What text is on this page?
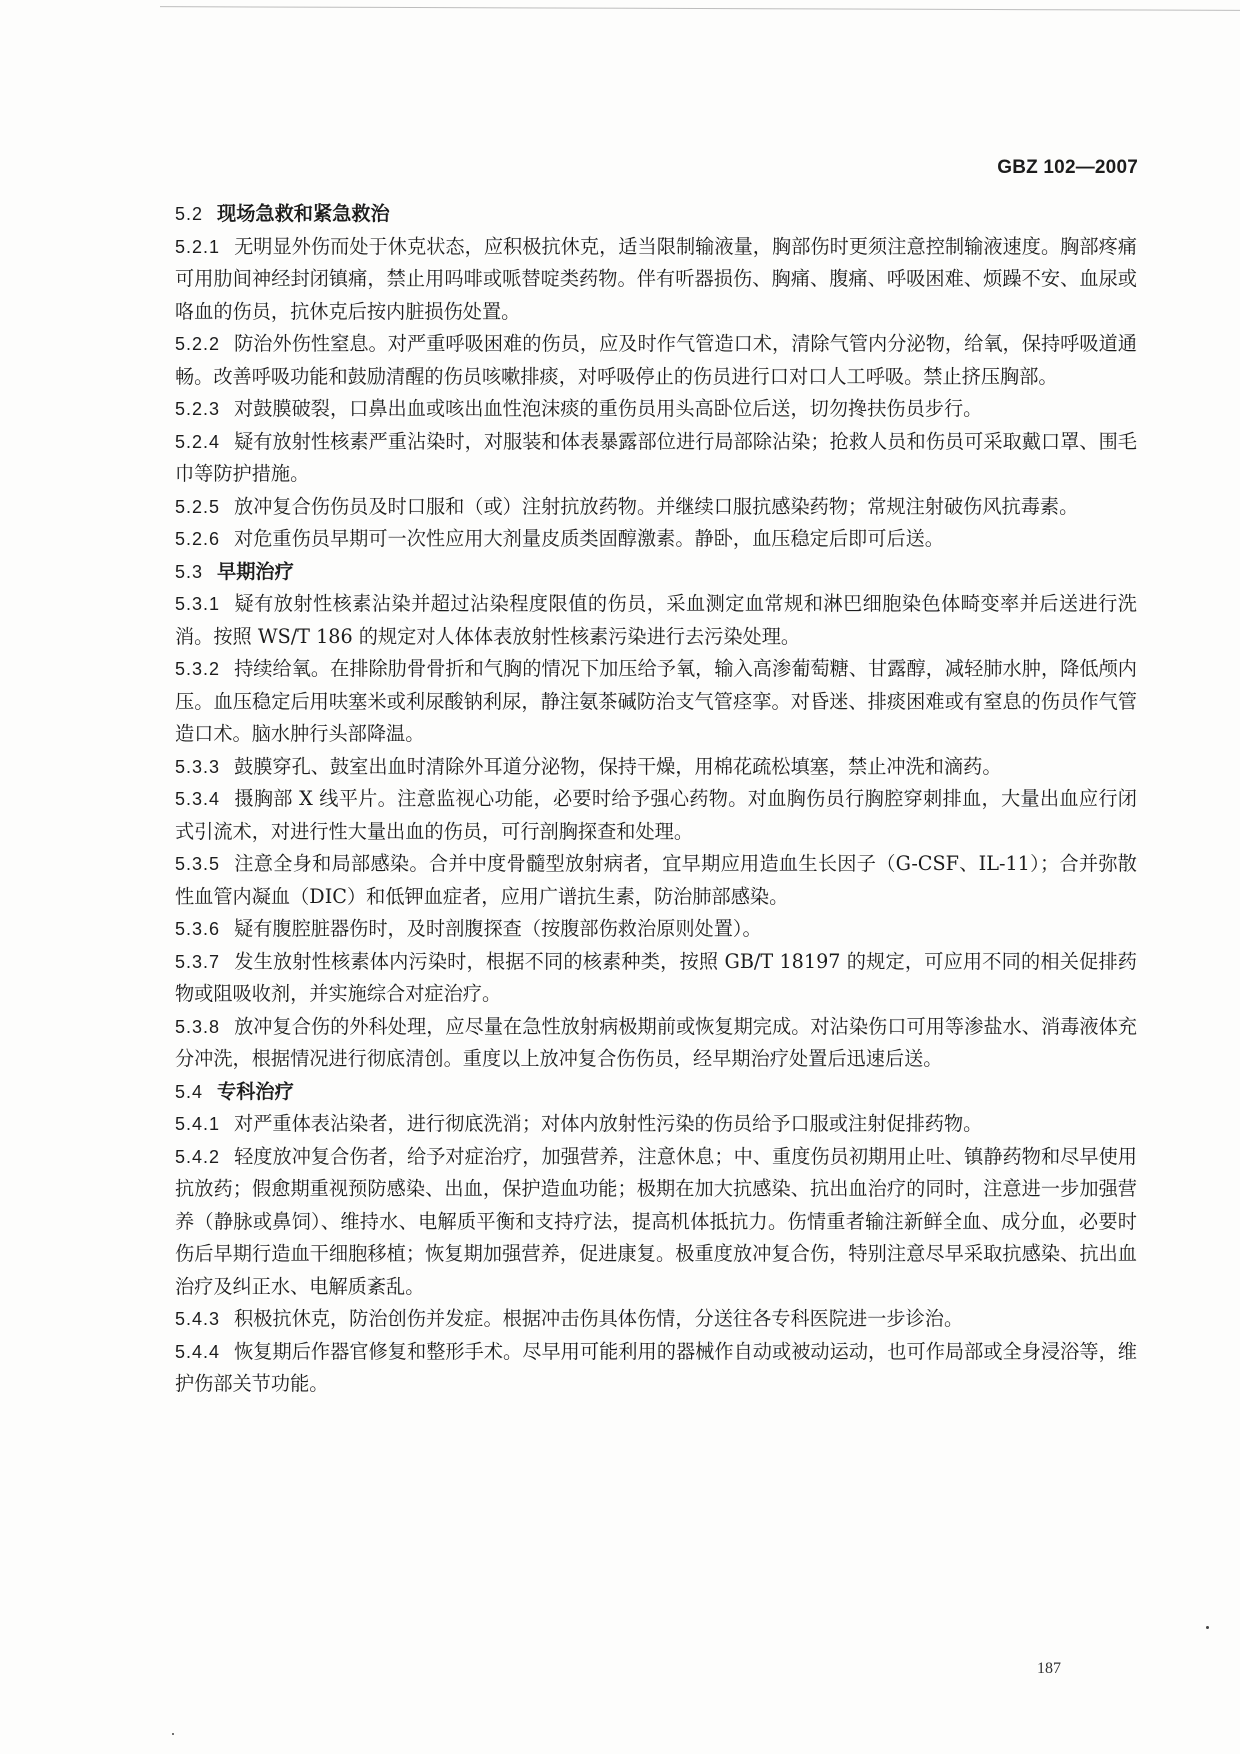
GBZ 102—2007

5.2 现场急救和紧急救治

5.2.1 无明显外伤而处于休克状态，应积极抗休克，适当限制输液量，胸部伤时更须注意控制输液速度。胸部疼痛可用肋间神经封闭镇痛，禁止用吗啡或哌替啶类药物。伴有听器损伤、胸痛、腹痛、呼吸困难、烦躁不安、血尿或咯血的伤员，抗休克后按内脏损伤处置。

5.2.2 防治外伤性窒息。对严重呼吸困难的伤员，应及时作气管造口术，清除气管内分泌物，给氧，保持呼吸道通畅。改善呼吸功能和鼓励清醒的伤员咳嗽排痰，对呼吸停止的伤员进行口对口人工呼吸。禁止挤压胸部。

5.2.3 对鼓膜破裂，口鼻出血或咳出血性泡沫痰的重伤员用头高卧位后送，切勿搀扶伤员步行。

5.2.4 疑有放射性核素严重沾染时，对服装和体表暴露部位进行局部除沾染；抢救人员和伤员可采取戴口罩、围毛巾等防护措施。

5.2.5 放冲复合伤伤员及时口服和（或）注射抗放药物。并继续口服抗感染药物；常规注射破伤风抗毒素。

5.2.6 对危重伤员早期可一次性应用大剂量皮质类固醇激素。静卧，血压稳定后即可后送。

5.3 早期治疗

5.3.1 疑有放射性核素沾染并超过沾染程度限值的伤员，采血测定血常规和淋巴细胞染色体畸变率并后送进行洗消。按照 WS/T 186 的规定对人体体表放射性核素污染进行去污染处理。

5.3.2 持续给氧。在排除肋骨骨折和气胸的情况下加压给予氧，输入高渗葡萄糖、甘露醇，减轻肺水肿，降低颅内压。血压稳定后用呋塞米或利尿酸钠利尿，静注氨茶碱防治支气管痉挛。对昏迷、排痰困难或有窒息的伤员作气管造口术。脑水肿行头部降温。

5.3.3 鼓膜穿孔、鼓室出血时清除外耳道分泌物，保持干燥，用棉花疏松填塞，禁止冲洗和滴药。

5.3.4 摄胸部 X 线平片。注意监视心功能，必要时给予强心药物。对血胸伤员行胸腔穿刺排血，大量出血应行闭式引流术，对进行性大量出血的伤员，可行剖胸探查和处理。

5.3.5 注意全身和局部感染。合并中度骨髓型放射病者，宜早期应用造血生长因子（G-CSF、IL-11）；合并弥散性血管内凝血（DIC）和低钾血症者，应用广谱抗生素，防治肺部感染。

5.3.6 疑有腹腔脏器伤时，及时剖腹探查（按腹部伤救治原则处置）。

5.3.7 发生放射性核素体内污染时，根据不同的核素种类，按照 GB/T 18197 的规定，可应用不同的相关促排药物或阻吸收剂，并实施综合对症治疗。

5.3.8 放冲复合伤的外科处理，应尽量在急性放射病极期前或恢复期完成。对沾染伤口可用等渗盐水、消毒液体充分冲洗，根据情况进行彻底清创。重度以上放冲复合伤伤员，经早期治疗处置后迅速后送。

5.4 专科治疗

5.4.1 对严重体表沾染者，进行彻底洗消；对体内放射性污染的伤员给予口服或注射促排药物。

5.4.2 轻度放冲复合伤者，给予对症治疗，加强营养，注意休息；中、重度伤员初期用止吐、镇静药物和尽早使用抗放药；假愈期重视预防感染、出血，保护造血功能；极期在加大抗感染、抗出血治疗的同时，注意进一步加强营养（静脉或鼻饲）、维持水、电解质平衡和支持疗法，提高机体抵抗力。伤情重者输注新鲜全血、成分血，必要时伤后早期行造血干细胞移植；恢复期加强营养，促进康复。极重度放冲复合伤，特别注意尽早采取抗感染、抗出血治疗及纠正水、电解质紊乱。

5.4.3 积极抗休克，防治创伤并发症。根据冲击伤具体伤情，分送往各专科医院进一步诊治。

5.4.4 恢复期后作器官修复和整形手术。尽早用可能利用的器械作自动或被动运动，也可作局部或全身浸浴等，维护伤部关节功能。

187
